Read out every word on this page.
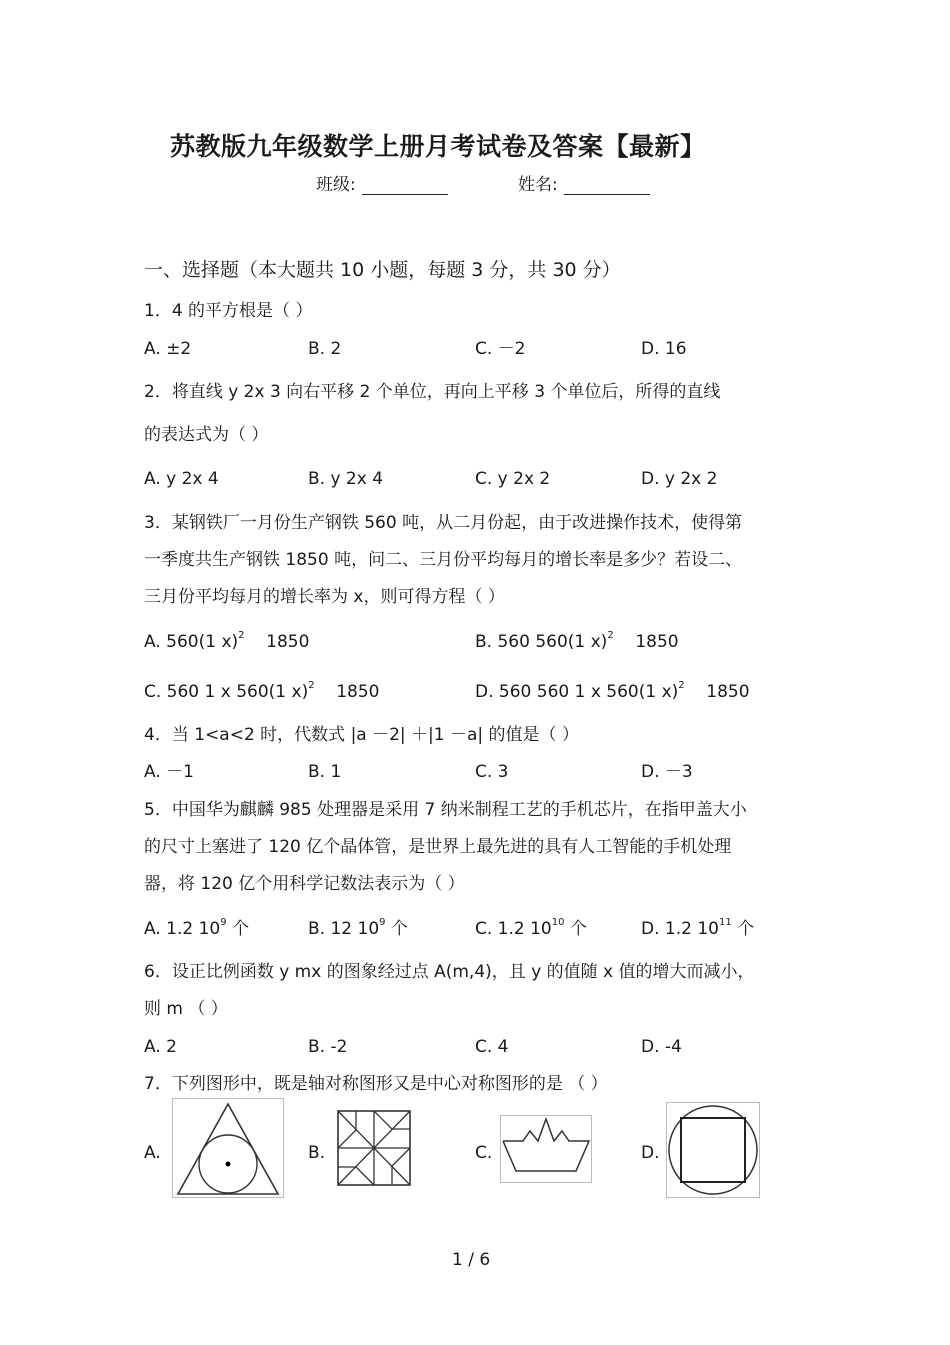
苏教版九年级数学上册月考试卷及答案【最新】
班级:	姓名:
一、选择题（本大题共 10 小题，每题 3 分，共 30 分）
1．4 的平方根是（ ）
A. ±2	B. 2	C. －2	D. 16
2．将直线 y 2x 3 向右平移 2 个单位，再向上平移 3 个单位后，所得的直线
的表达式为（ ）
A. y 2x 4	B. y 2x 4	C. y 2x 2	D. y 2x 2
3．某钢铁厂一月份生产钢铁 560 吨，从二月份起，由于改进操作技术，使得第
一季度共生产钢铁 1850 吨，问二、三月份平均每月的增长率是多少？若设二、
三月份平均每月的增长率为 x，则可得方程（ ）
A. 560(1 x)$^2$ 1850	B. 560 560(1 x)$^2$ 1850
C. 560 1 x 560(1 x)$^2$ 1850	D. 560 560 1 x 560(1 x)$^2$ 1850
4．当 1<a<2 时，代数式 |a －2| ＋|1 －a| 的值是（ ）
A. －1	B. 1	C. 3	D. －3
5．中国华为麒麟 985 处理器是采用 7 纳米制程工艺的手机芯片，在指甲盖大小
的尺寸上塞进了 120 亿个晶体管，是世界上最先进的具有人工智能的手机处理
器，将 120 亿个用科学记数法表示为（ ）
A. 1.2 $10^9$ 个	B. 12 $10^9$ 个	C. 1.2 $10^{10}$ 个	D. 1.2 $10^{11}$ 个
6．设正比例函数 y mx 的图象经过点 A(m,4)，且 y 的值随 x 值的增大而减小，
则 m （ ）
A. 2	B. -2	C. 4	D. -4
7．下列图形中，既是轴对称图形又是中心对称图形的是 （ ）
A.	B.	C.	D.
1 / 6
